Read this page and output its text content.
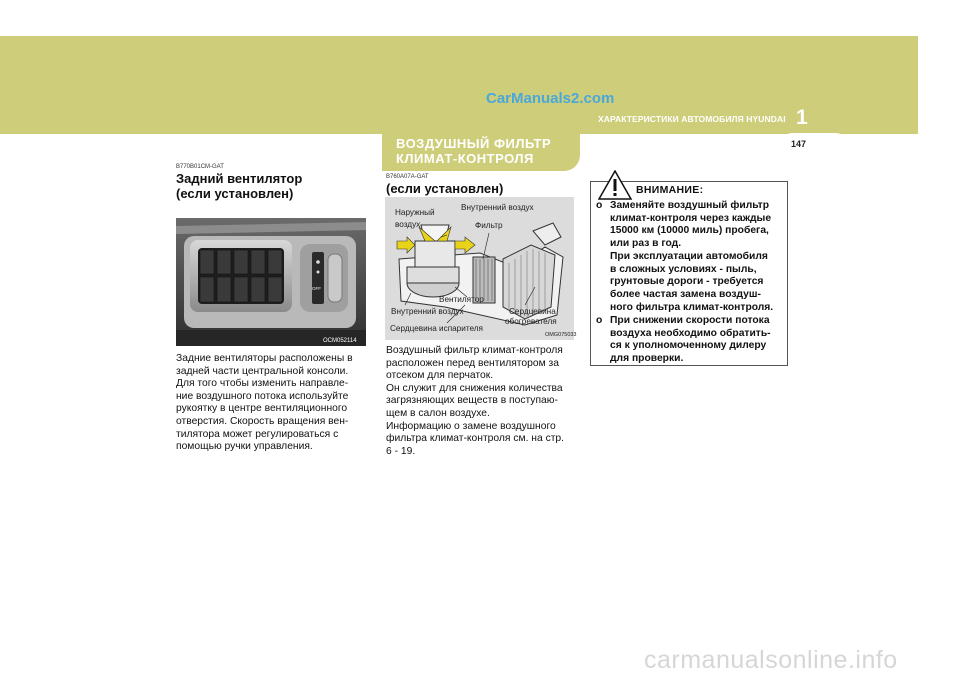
CarManuals2.com
ХАРАКТЕРИСТИКИ АВТОМОБИЛЯ HYUNDAI 1
147
ВОЗДУШНЫЙ ФИЛЬТР
КЛИМАТ-КОНТРОЛЯ
B770B01CM-GAT
Задний вентилятор
(если установлен)
OFF
OCM052114
Задние вентиляторы расположены в
задней части центральной консоли.
Для того чтобы изменить направле-
ние воздушного потока используйте
рукоятку в центре вентиляционного
отверстия. Скорость вращения вен-
тилятора может регулироваться с
помощью ручки управления.
B760A07A-GAT
(если установлен)
Наружный
воздух
Внутренний воздух
Фильтр
Вентилятор
Внутренний воздух	Сердцевина
обогревателя
Сердцевина испарителя
OMG075033
Воздушный фильтр климат-контроля
расположен перед вентилятором за
отсеком для перчаток.
Он служит для снижения количества
загрязняющих веществ в поступаю-
щем в салон воздухе.
Информацию о замене воздушного
фильтра климат-контроля см. на стр.
6 - 19.
ВНИМАНИЕ:
o Заменяйте воздушный фильтр
климат-контроля через каждые
15000 км (10000 миль) пробега,
или раз в год.
При эксплуатации автомобиля
в сложных условиях - пыль,
грунтовые дороги - требуется
более частая замена воздуш-
ного фильтра климат-контроля.
o При снижении скорости потока
воздуха необходимо обратить-
ся к уполномоченному дилеру
для проверки.
carmanualsonline.info
